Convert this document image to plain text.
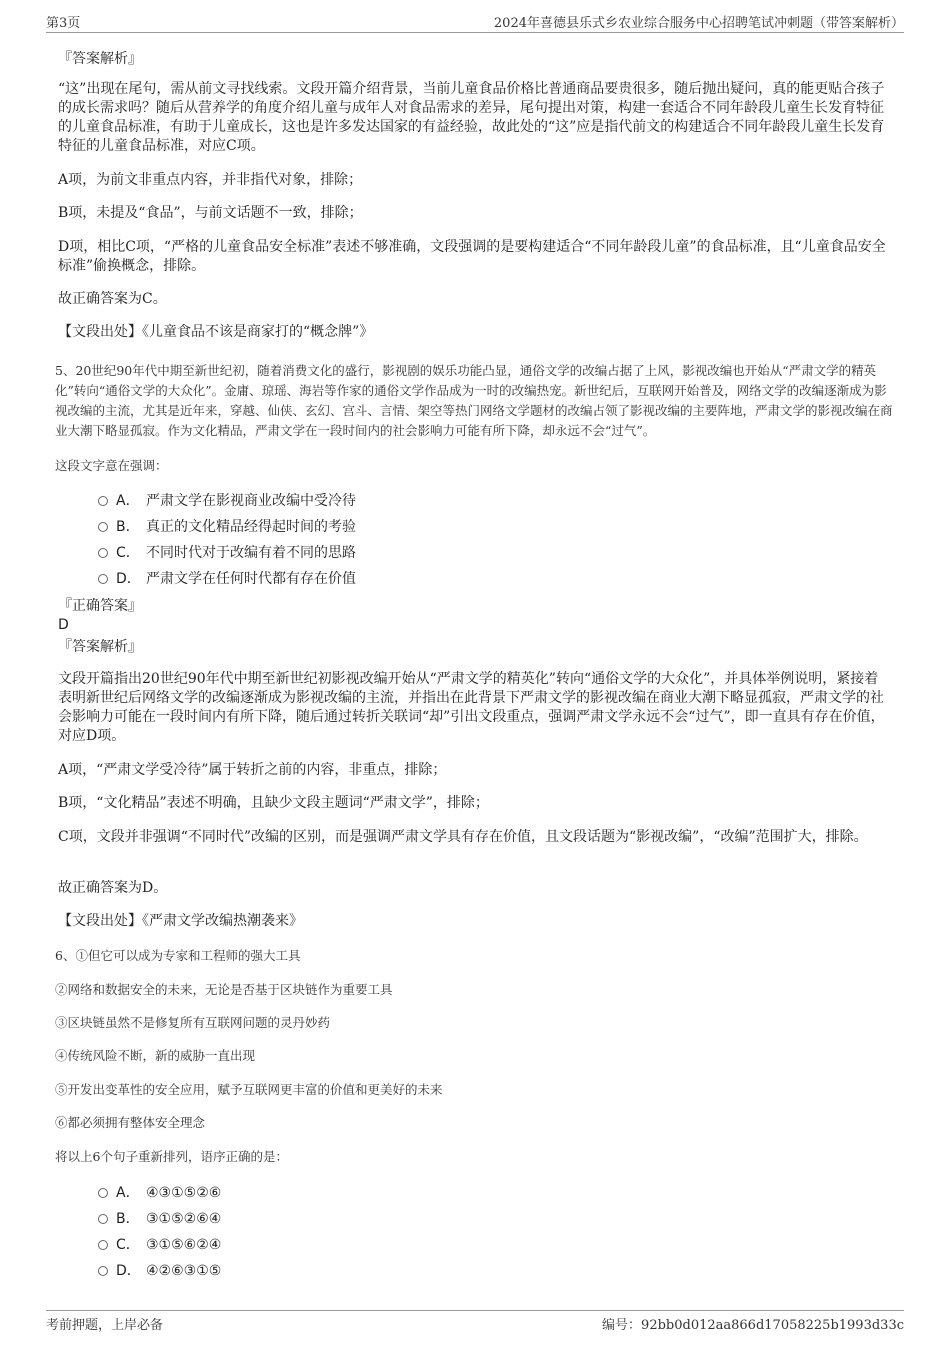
第3页	2024年喜德县乐式乡农业综合服务中心招聘笔试冲刺题（带答案解析）
『答案解析』
“这”出现在尾句，需从前文寻找线索。文段开篇介绍背景，当前儿童食品价格比普通商品要贵很多，随后抛出疑问，真的能更贴合孩子的成长需求吗？随后从营养学的角度介绍儿童与成年人对食品需求的差异，尾句提出对策，构建一套适合不同年龄段儿童生长发育特征的儿童食品标准，有助于儿童成长，这也是许多发达国家的有益经验，故此处的“这”应是指代前文的构建适合不同年龄段儿童生长发育特征的儿童食品标准，对应C项。
A项，为前文非重点内容，并非指代对象，排除；
B项，未提及“食品”，与前文话题不一致，排除；
D项，相比C项，“严格的儿童食品安全标准”表述不够准确，文段强调的是要构建适合“不同年龄段儿童”的食品标准，且“儿童食品安全标准”偷换概念，排除。
故正确答案为C。
【文段出处】《儿童食品不该是商家打的“概念牌”》
5、20世纪90年代中期至新世纪初，随着消费文化的盛行，影视剧的娱乐功能凸显，通俗文学的改编占据了上风，影视改编也开始从“严肃文学的精英化”转向“通俗文学的大众化”。金庸、琼瑶、海岩等作家的通俗文学作品成为一时的改编热宠。新世纪后，互联网开始普及，网络文学的改编逐渐成为影视改编的主流，尤其是近年来，穿越、仙侠、玄幻、宫斗、言情、架空等热门网络文学题材的改编占领了影视改编的主要阵地，严肃文学的影视改编在商业大潮下略显孤寂。作为文化精品，严肃文学在一段时间内的社会影响力可能有所下降，却永远不会“过气”。
这段文字意在强调：
A． 严肃文学在影视商业改编中受冷待
B． 真正的文化精品经得起时间的考验
C． 不同时代对于改编有着不同的思路
D． 严肃文学在任何时代都有存在价值
『正确答案』
D
『答案解析』
文段开篇指出20世纪90年代中期至新世纪初影视改编开始从“严肃文学的精英化”转向“通俗文学的大众化”，并具体举例说明，紧接着表明新世纪后网络文学的改编逐渐成为影视改编的主流，并指出在此背景下严肃文学的影视改编在商业大潮下略显孤寂，严肃文学的社会影响力可能在一段时间内有所下降，随后通过转折关联词“却”引出文段重点，强调严肃文学永远不会“过气”，即一直具有存在价值，对应D项。
A项，“严肃文学受冷待”属于转折之前的内容，非重点，排除；
B项，“文化精品”表述不明确，且缺少文段主题词“严肃文学”，排除；
C项，文段并非强调“不同时代”改编的区别，而是强调严肃文学具有存在价值，且文段话题为“影视改编”，“改编”范围扩大，排除。
故正确答案为D。
【文段出处】《严肃文学改编热潮袭来》
6、①但它可以成为专家和工程师的强大工具
②网络和数据安全的未来，无论是否基于区块链作为重要工具
③区块链虽然不是修复所有互联网问题的灵丹妙药
④传统风险不断，新的威胁一直出现
⑤开发出变革性的安全应用，赋予互联网更丰富的价值和更美好的未来
⑥都必须拥有整体安全理念
将以上6个句子重新排列，语序正确的是：
A． ④③①⑤②⑥
B． ③①⑤②⑥④
C． ③①⑤⑥②④
D． ④②⑥③①⑤
考前押题，上岸必备	编号：92bb0d012aa866d17058225b1993d33c
